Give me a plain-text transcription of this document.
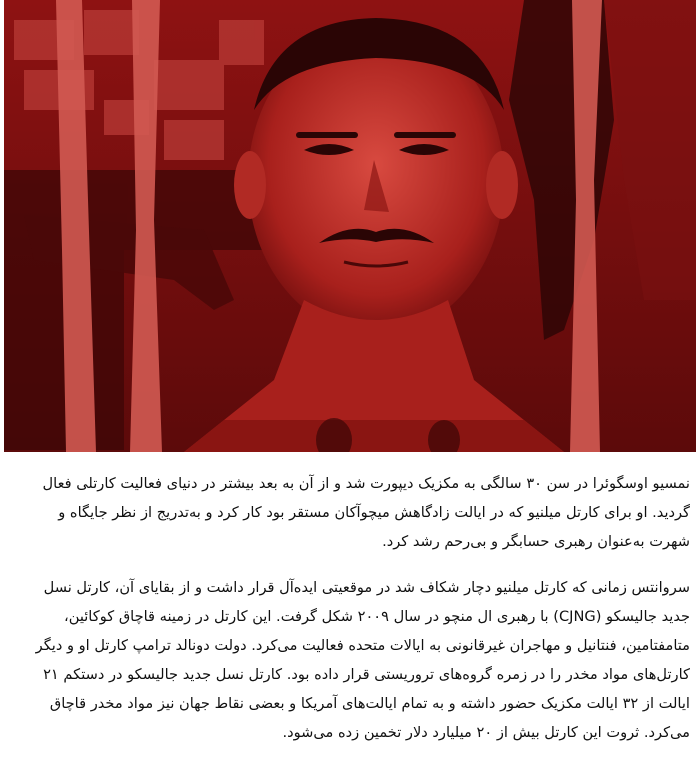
نمسیو اوسگوئرا در سن ۳۰ سالگی به مکزیک دیپورت شد و از آن به بعد بیشتر در دنیای فعالیت کارتلی فعال گردید. او برای کارتل میلنیو که در ایالت زادگاهش میچوآکان مستقر بود کار کرد و به‌تدریج از نظر جایگاه و شهرت به‌عنوان رهبری حسابگر و بی‌رحم رشد کرد.

سروانتس زمانی که کارتل میلنیو دچار شکاف شد در موقعیتی ایده‌آل قرار داشت و از بقایای آن، کارتل نسل جدید جالیسکو (CJNG) با رهبری ال منچو در سال ۲۰۰۹ شکل گرفت. این کارتل در زمینه قاچاق کوکائین، متامفتامین، فنتانیل و مهاجران غیرقانونی به ایالات متحده فعالیت می‌کرد. دولت دونالد ترامپ کارتل او و دیگر کارتل‌های مواد مخدر را در زمره گروه‌های تروریستی قرار داده بود. کارتل نسل جدید جالیسکو در دستکم ۲۱ ایالت از ۳۲ ایالت مکزیک حضور داشته و به تمام ایالت‌های آمریکا و بعضی نقاط جهان نیز مواد مخدر قاچاق می‌کرد. ثروت این کارتل بیش از ۲۰ میلیارد دلار تخمین زده می‌شود.
